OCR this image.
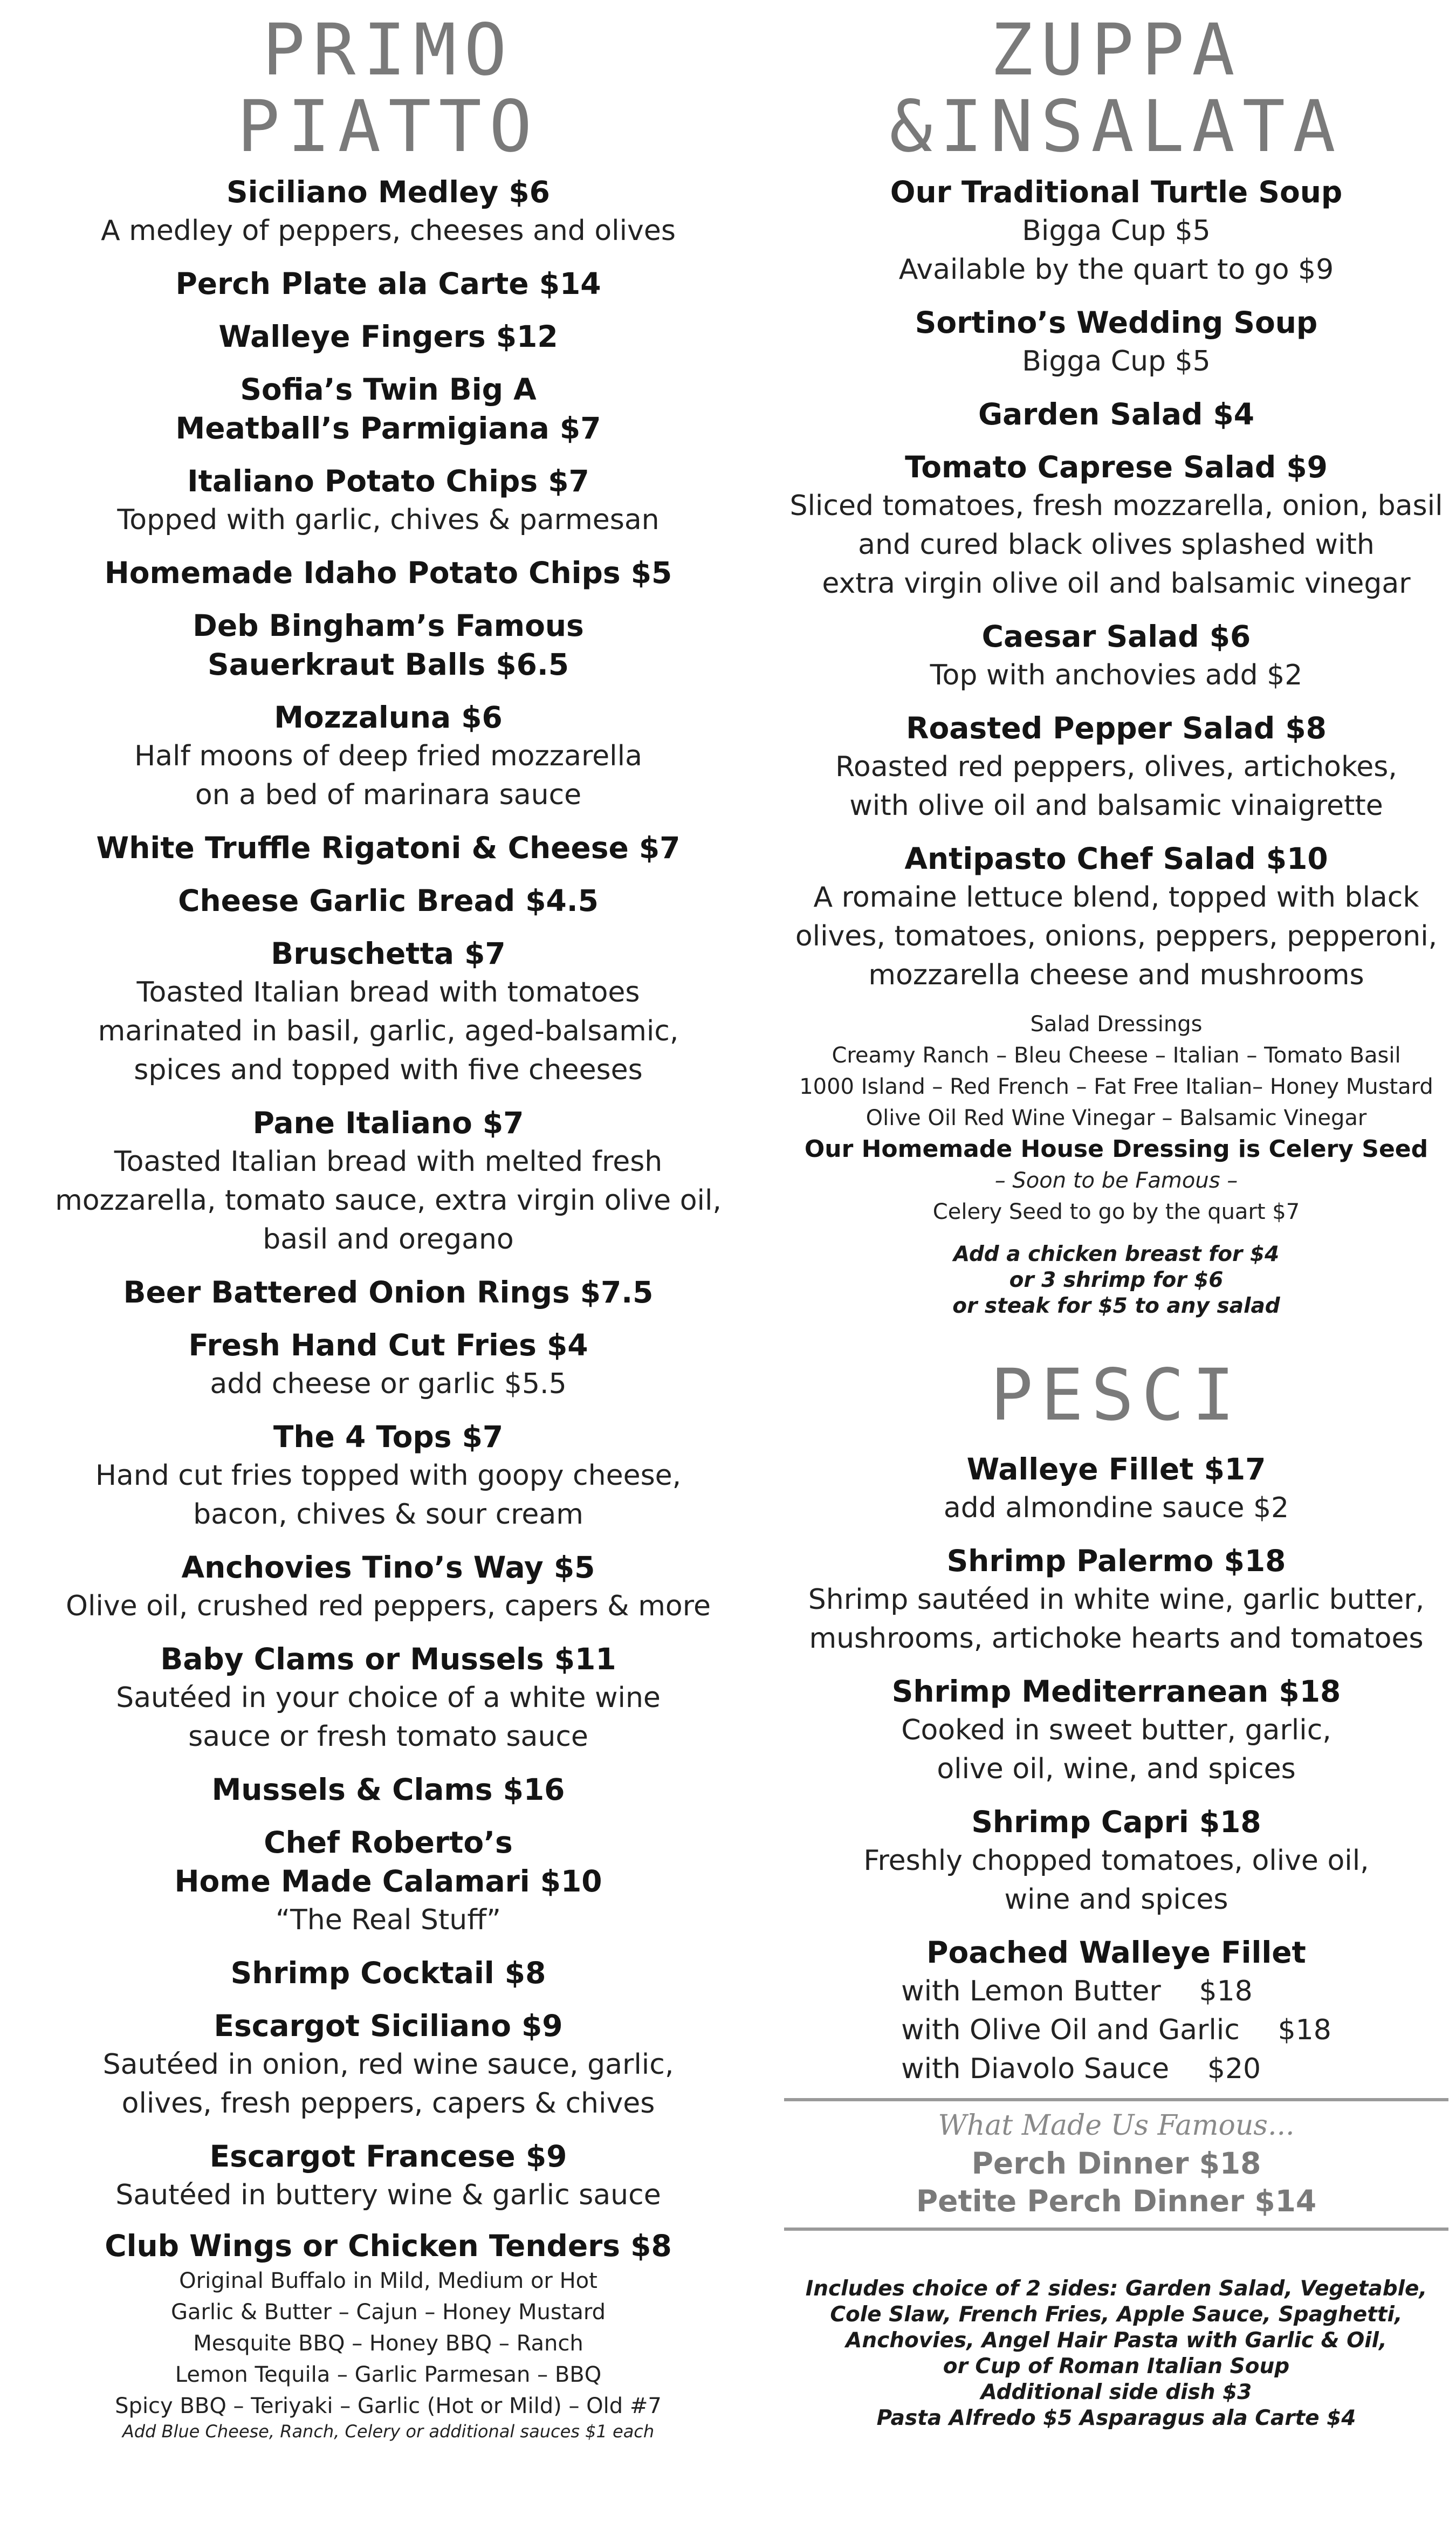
PRIMO
PIATTO
Siciliano Medley $6
A medley of peppers, cheeses and olives
Perch Plate ala Carte $14
Walleye Fingers $12
Sofia’s Twin Big A
Meatball’s Parmigiana $7
Italiano Potato Chips $7
Topped with garlic, chives & parmesan
Homemade Idaho Potato Chips $5
Deb Bingham’s Famous
Sauerkraut Balls $6.5
Mozzaluna $6
Half moons of deep fried mozzarella
on a bed of marinara sauce
White Truffle Rigatoni & Cheese $7
Cheese Garlic Bread $4.5
Bruschetta $7
Toasted Italian bread with tomatoes
marinated in basil, garlic, aged-balsamic,
spices and topped with five cheeses
Pane Italiano $7
Toasted Italian bread with melted fresh
mozzarella, tomato sauce, extra virgin olive oil,
basil and oregano
Beer Battered Onion Rings $7.5
Fresh Hand Cut Fries $4
add cheese or garlic $5.5
The 4 Tops $7
Hand cut fries topped with goopy cheese,
bacon, chives & sour cream
Anchovies Tino’s Way $5
Olive oil, crushed red peppers, capers & more
Baby Clams or Mussels $11
Sautéed in your choice of a white wine
sauce or fresh tomato sauce
Mussels & Clams $16
Chef Roberto’s
Home Made Calamari $10
“The Real Stuff”
Shrimp Cocktail $8
Escargot Siciliano $9
Sautéed in onion, red wine sauce, garlic,
olives, fresh peppers, capers & chives
Escargot Francese $9
Sautéed in buttery wine & garlic sauce
Club Wings or Chicken Tenders $8
Original Buffalo in Mild, Medium or Hot
Garlic & Butter – Cajun – Honey Mustard
Mesquite BBQ – Honey BBQ – Ranch
Lemon Tequila – Garlic Parmesan – BBQ
Spicy BBQ – Teriyaki – Garlic (Hot or Mild) – Old #7
Add Blue Cheese, Ranch, Celery or additional sauces $1 each
ZUPPA
&INSALATA
Our Traditional Turtle Soup
Bigga Cup $5
Available by the quart to go $9
Sortino’s Wedding Soup
Bigga Cup $5
Garden Salad $4
Tomato Caprese Salad $9
Sliced tomatoes, fresh mozzarella, onion, basil
and cured black olives splashed with
extra virgin olive oil and balsamic vinegar
Caesar Salad $6
Top with anchovies add $2
Roasted Pepper Salad $8
Roasted red peppers, olives, artichokes,
with olive oil and balsamic vinaigrette
Antipasto Chef Salad $10
A romaine lettuce blend, topped with black
olives, tomatoes, onions, peppers, pepperoni,
mozzarella cheese and mushrooms
Salad Dressings
Creamy Ranch – Bleu Cheese – Italian – Tomato Basil
1000 Island – Red French – Fat Free Italian– Honey Mustard
Olive Oil Red Wine Vinegar – Balsamic Vinegar
Our Homemade House Dressing is Celery Seed
– Soon to be Famous –
Celery Seed to go by the quart $7
Add a chicken breast for $4
or 3 shrimp for $6
or steak for $5 to any salad
PESCI
Walleye Fillet $17
add almondine sauce $2
Shrimp Palermo $18
Shrimp sautéed in white wine, garlic butter,
mushrooms, artichoke hearts and tomatoes
Shrimp Mediterranean $18
Cooked in sweet butter, garlic,
olive oil, wine, and spices
Shrimp Capri $18
Freshly chopped tomatoes, olive oil,
wine and spices
Poached Walleye Fillet
with Lemon Butter $18
with Olive Oil and Garlic $18
with Diavolo Sauce $20
What Made Us Famous...
Perch Dinner $18
Petite Perch Dinner $14
Includes choice of 2 sides: Garden Salad, Vegetable,
Cole Slaw, French Fries, Apple Sauce, Spaghetti,
Anchovies, Angel Hair Pasta with Garlic & Oil,
or Cup of Roman Italian Soup
Additional side dish $3
Pasta Alfredo $5 Asparagus ala Carte $4
